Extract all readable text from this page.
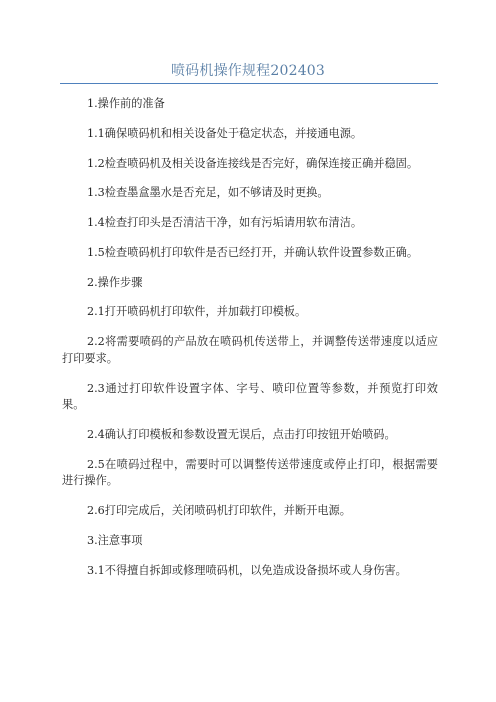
喷码机操作规程202403

1.操作前的准备

1.1确保喷码机和相关设备处于稳定状态，并接通电源。

1.2检查喷码机及相关设备连接线是否完好，确保连接正确并稳固。

1.3检查墨盒墨水是否充足，如不够请及时更换。

1.4检查打印头是否清洁干净，如有污垢请用软布清洁。

1.5检查喷码机打印软件是否已经打开，并确认软件设置参数正确。

2.操作步骤

2.1打开喷码机打印软件，并加载打印模板。

2.2将需要喷码的产品放在喷码机传送带上，并调整传送带速度以适应打印要求。

2.3通过打印软件设置字体、字号、喷印位置等参数，并预览打印效果。

2.4确认打印模板和参数设置无误后，点击打印按钮开始喷码。

2.5在喷码过程中，需要时可以调整传送带速度或停止打印，根据需要进行操作。

2.6打印完成后，关闭喷码机打印软件，并断开电源。

3.注意事项

3.1不得擅自拆卸或修理喷码机，以免造成设备损坏或人身伤害。
